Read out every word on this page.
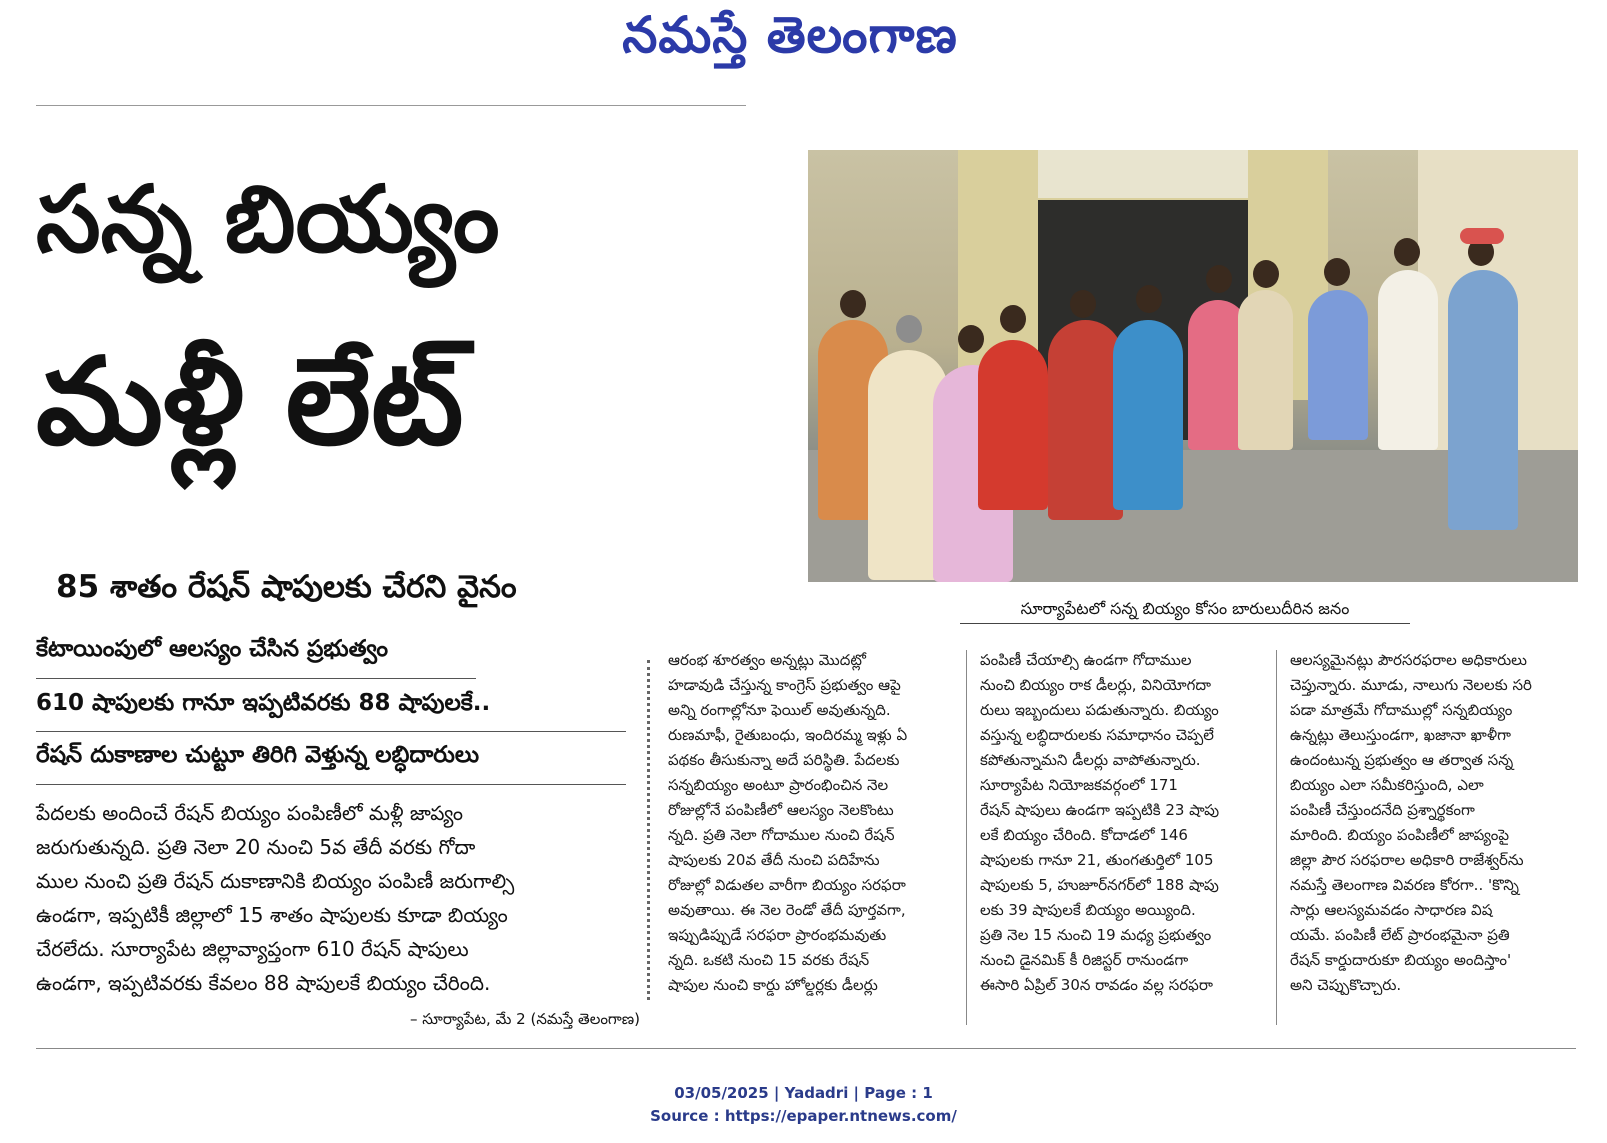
నమస్తే తెలంగాణ
సన్న బియ్యం
మళ్లీ లేట్
85 శాతం రేషన్ షాపులకు చేరని వైనం
సూర్యాపేటలో సన్న బియ్యం కోసం బారులుదీరిన జనం
కేటాయింపులో ఆలస్యం చేసిన ప్రభుత్వం
610 షాపులకు గానూ ఇప్పటివరకు 88 షాపులకే..
రేషన్ దుకాణాల చుట్టూ తిరిగి వెళ్తున్న లబ్ధిదారులు

పేదలకు అందించే రేషన్ బియ్యం పంపిణీలో మళ్లీ జాప్యం

జరుగుతున్నది. ప్రతి నెలా 20 నుంచి 5వ తేదీ వరకు గోదా

ముల నుంచి ప్రతి రేషన్ దుకాణానికి బియ్యం పంపిణీ జరుగాల్సి

ఉండగా, ఇప్పటికీ జిల్లాలో 15 శాతం షాపులకు కూడా బియ్యం

చేరలేదు. సూర్యాపేట జిల్లావ్యాప్తంగా 610 రేషన్ షాపులు

ఉండగా, ఇప్పటివరకు కేవలం 88 షాపులకే బియ్యం చేరింది.

– సూర్యాపేట, మే 2 (నమస్తే తెలంగాణ)

ఆరంభ శూరత్వం అన్నట్లు మొదట్లో

హడావుడి చేస్తున్న కాంగ్రెస్ ప్రభుత్వం ఆపై

అన్ని రంగాల్లోనూ ఫెయిల్ అవుతున్నది.

రుణమాఫీ, రైతుబంధు, ఇందిరమ్మ ఇళ్లు ఏ

పథకం తీసుకున్నా అదే పరిస్థితి. పేదలకు

సన్నబియ్యం అంటూ ప్రారంభించిన నెల

రోజుల్లోనే పంపిణీలో ఆలస్యం నెలకొంటు

న్నది. ప్రతి నెలా గోదాముల నుంచి రేషన్

షాపులకు 20వ తేదీ నుంచి పదిహేను

రోజుల్లో విడుతల వారీగా బియ్యం సరఫరా

అవుతాయి. ఈ నెల రెండో తేదీ పూర్తవగా,

ఇప్పుడిప్పుడే సరఫరా ప్రారంభమవుతు

న్నది. ఒకటి నుంచి 15 వరకు రేషన్

షాపుల నుంచి కార్డు హోల్డర్లకు డీలర్లు

పంపిణీ చేయాల్సి ఉండగా గోదాముల

నుంచి బియ్యం రాక డీలర్లు, వినియోగదా

రులు ఇబ్బందులు పడుతున్నారు. బియ్యం

వస్తున్న లబ్ధిదారులకు సమాధానం చెప్పలే

కపోతున్నామని డీలర్లు వాపోతున్నారు.

సూర్యాపేట నియోజకవర్గంలో 171

రేషన్ షాపులు ఉండగా ఇప్పటికి 23 షాపు

లకే బియ్యం చేరింది. కోదాడలో 146

షాపులకు గానూ 21, తుంగతుర్తిలో 105

షాపులకు 5, హుజూర్‌నగర్‌లో 188 షాపు

లకు 39 షాపులకే బియ్యం అయ్యింది.

ప్రతి నెల 15 నుంచి 19 మధ్య ప్రభుత్వం

నుంచి డైనమిక్ కీ రిజిస్టర్ రానుండగా

ఈసారి ఏప్రిల్ 30న రావడం వల్ల సరఫరా

ఆలస్యమైనట్లు పౌరసరఫరాల అధికారులు

చెప్తున్నారు. మూడు, నాలుగు నెలలకు సరి

పడా మాత్రమే గోదాముల్లో సన్నబియ్యం

ఉన్నట్లు తెలుస్తుండగా, ఖజానా ఖాళీగా

ఉందంటున్న ప్రభుత్వం ఆ తర్వాత సన్న

బియ్యం ఎలా సమీకరిస్తుంది, ఎలా

పంపిణీ చేస్తుందనేది ప్రశ్నార్థకంగా

మారింది. బియ్యం పంపిణీలో జాప్యంపై

జిల్లా పౌర సరఫరాల అధికారి రాజేశ్వర్‌ను

నమస్తే తెలంగాణ వివరణ కోరగా.. 'కొన్ని

సార్లు ఆలస్యమవడం సాధారణ విష

యమే. పంపిణీ లేట్ ప్రారంభమైనా ప్రతి

రేషన్ కార్డుదారుకూ బియ్యం అందిస్తాం'

అని చెప్పుకొచ్చారు.

03/05/2025 | Yadadri | Page : 1
Source : https://epaper.ntnews.com/
